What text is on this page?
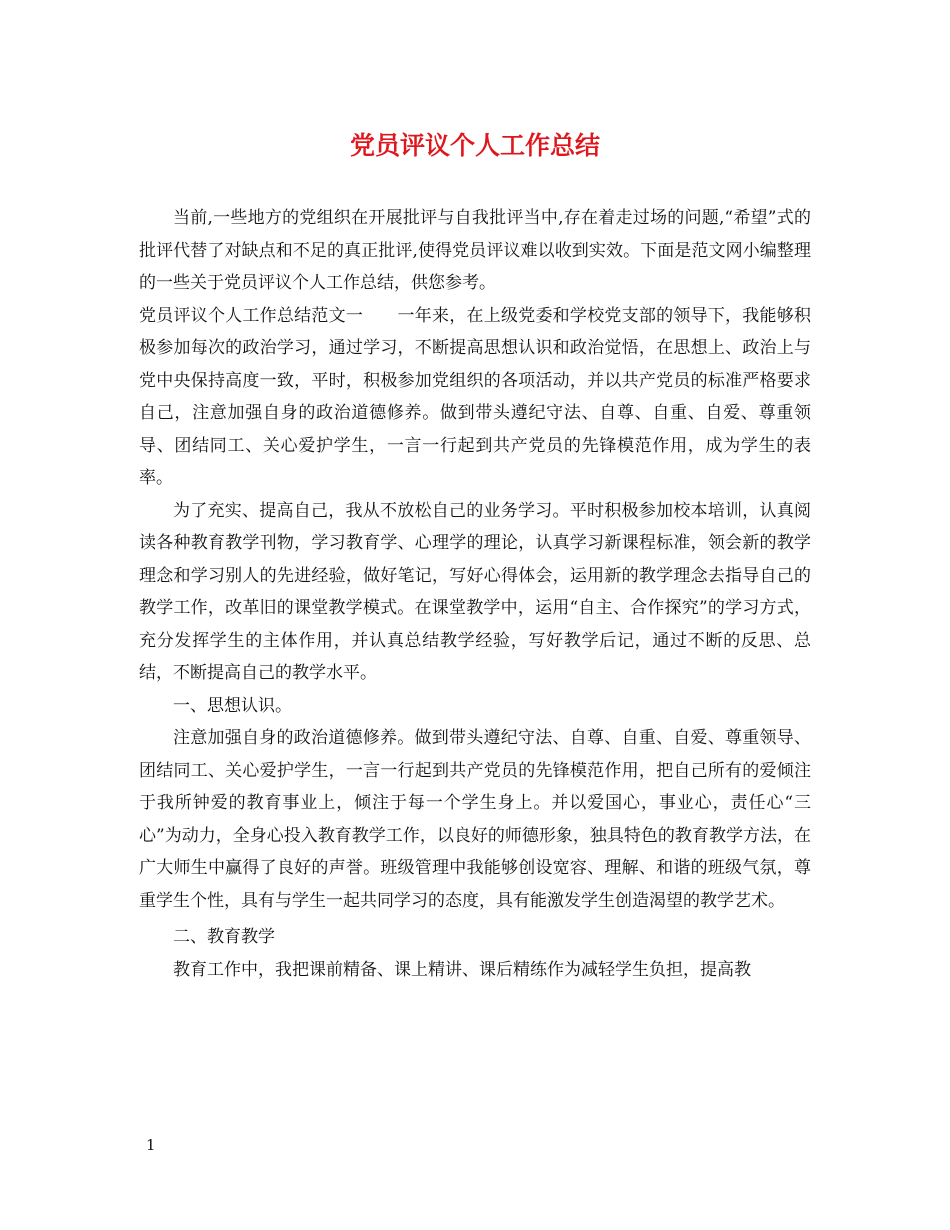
党员评议个人工作总结

当前,一些地方的党组织在开展批评与自我批评当中,存在着走过场的问题,“希望”式的批评代替了对缺点和不足的真正批评,使得党员评议难以收到实效。下面是范文网小编整理的一些关于党员评议个人工作总结，供您参考。

党员评议个人工作总结范文一　　一年来，在上级党委和学校党支部的领导下，我能够积极参加每次的政治学习，通过学习，不断提高思想认识和政治觉悟，在思想上、政治上与党中央保持高度一致，平时，积极参加党组织的各项活动，并以共产党员的标准严格要求自己，注意加强自身的政治道德修养。做到带头遵纪守法、自尊、自重、自爱、尊重领导、团结同工、关心爱护学生，一言一行起到共产党员的先锋模范作用，成为学生的表率。

为了充实、提高自己，我从不放松自己的业务学习。平时积极参加校本培训，认真阅读各种教育教学刊物，学习教育学、心理学的理论，认真学习新课程标准，领会新的教学理念和学习别人的先进经验，做好笔记，写好心得体会，运用新的教学理念去指导自己的教学工作，改革旧的课堂教学模式。在课堂教学中，运用“自主、合作探究”的学习方式，充分发挥学生的主体作用，并认真总结教学经验，写好教学后记，通过不断的反思、总结，不断提高自己的教学水平。

一、思想认识。

注意加强自身的政治道德修养。做到带头遵纪守法、自尊、自重、自爱、尊重领导、团结同工、关心爱护学生，一言一行起到共产党员的先锋模范作用，把自己所有的爱倾注于我所钟爱的教育事业上，倾注于每一个学生身上。并以爱国心，事业心，责任心“三心”为动力，全身心投入教育教学工作，以良好的师德形象，独具特色的教育教学方法，在广大师生中赢得了良好的声誉。班级管理中我能够创设宽容、理解、和谐的班级气氛，尊重学生个性，具有与学生一起共同学习的态度，具有能激发学生创造渴望的教学艺术。

二、教育教学

教育工作中，我把课前精备、课上精讲、课后精练作为减轻学生负担，提高教

1
